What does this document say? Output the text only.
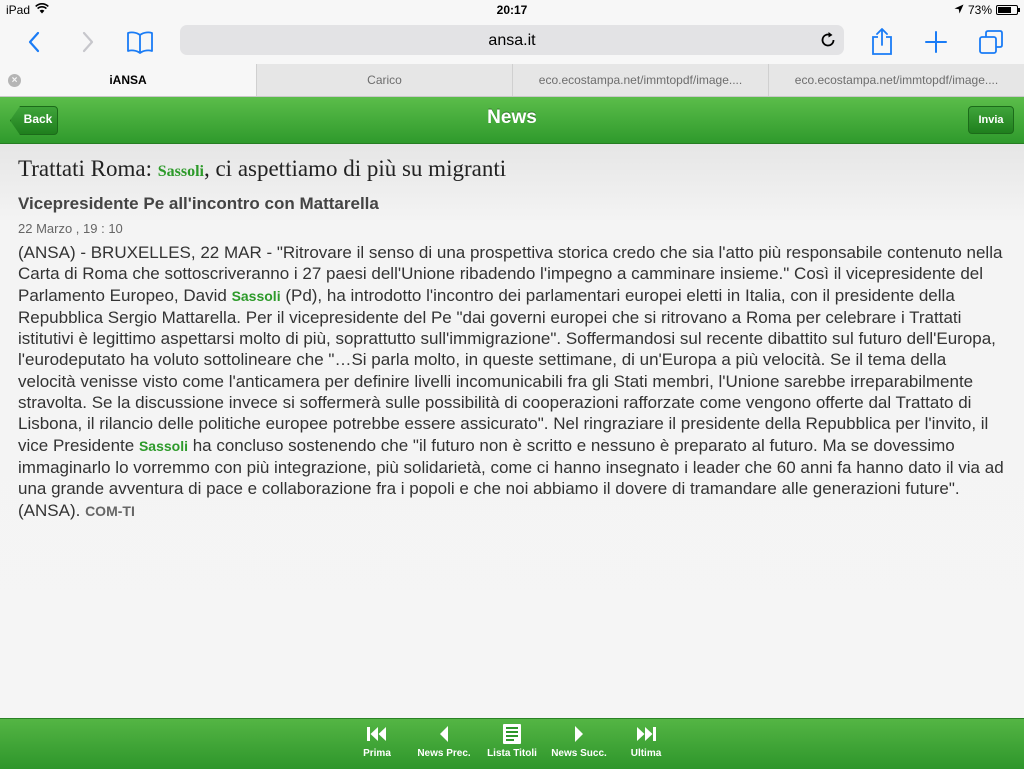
iPad	20:17	73%
ansa.it
×	iANSA	Carico	eco.ecostampa.net/immtopdf/image....	eco.ecostampa.net/immtopdf/image....
Back	News	Invia
Trattati Roma: Sassoli, ci aspettiamo di più su migranti
Vicepresidente Pe all'incontro con Mattarella
22 Marzo , 19 : 10
(ANSA) - BRUXELLES, 22 MAR - "Ritrovare il senso di una prospettiva storica credo che sia l'atto più responsabile contenuto nella Carta di Roma che sottoscriveranno i 27 paesi dell'Unione ribadendo l'impegno a camminare insieme." Così il vicepresidente del Parlamento Europeo, David Sassoli (Pd), ha introdotto l'incontro dei parlamentari europei eletti in Italia, con il presidente della Repubblica Sergio Mattarella. Per il vicepresidente del Pe "dai governi europei che si ritrovano a Roma per celebrare i Trattati istitutivi è legittimo aspettarsi molto di più, soprattutto sull'immigrazione". Soffermandosi sul recente dibattito sul futuro dell'Europa, l'eurodeputato ha voluto sottolineare che "…Si parla molto, in queste settimane, di un'Europa a più velocità. Se il tema della velocità venisse visto come l'anticamera per definire livelli incomunicabili fra gli Stati membri, l'Unione sarebbe irreparabilmente stravolta. Se la discussione invece si soffermerà sulle possibilità di cooperazioni rafforzate come vengono offerte dal Trattato di Lisbona, il rilancio delle politiche europee potrebbe essere assicurato". Nel ringraziare il presidente della Repubblica per l'invito, il vice Presidente Sassoli ha concluso sostenendo che "il futuro non è scritto e nessuno è preparato al futuro. Ma se dovessimo immaginarlo lo vorremmo con più integrazione, più solidarietà, come ci hanno insegnato i leader che 60 anni fa hanno dato il via ad una grande avventura di pace e collaborazione fra i popoli e che noi abbiamo il dovere di tramandare alle generazioni future". (ANSA). COM-TI
Prima	News Prec.	Lista Titoli	News Succ.	Ultima
